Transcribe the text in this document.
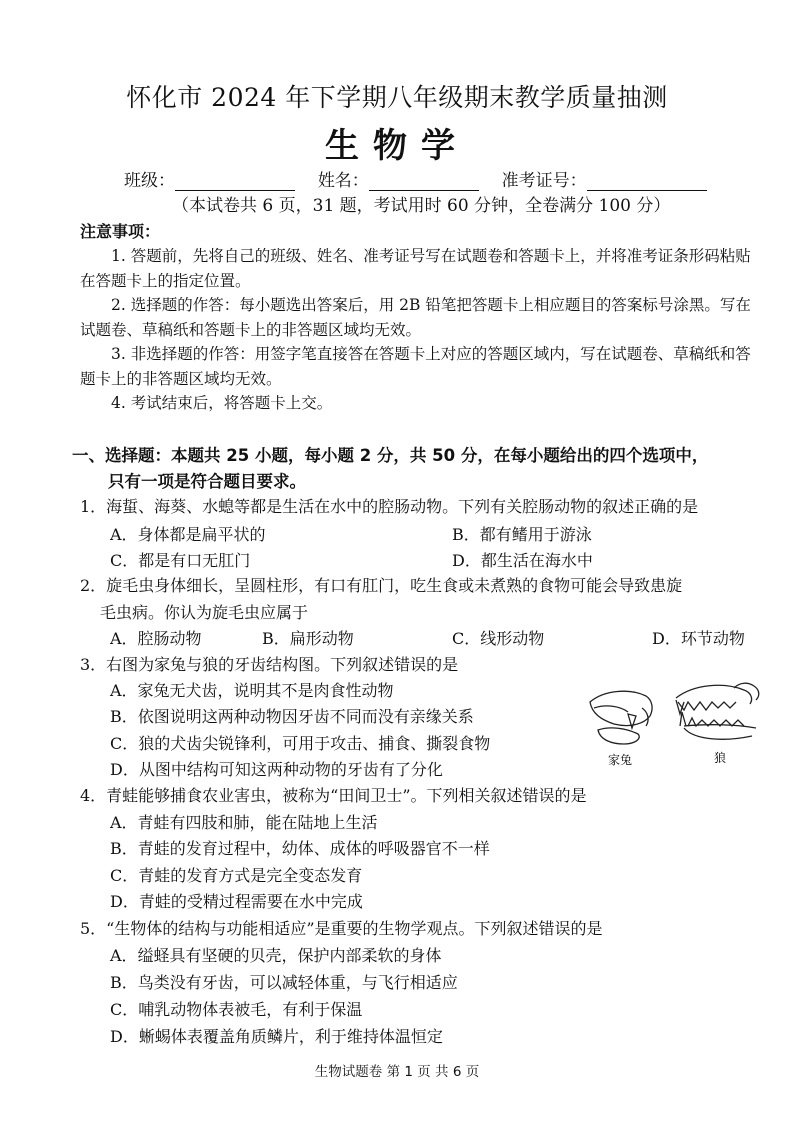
怀化市 2024 年下学期八年级期末教学质量抽测
生物学
班级：	姓名：	准考证号：
（本试卷共 6 页，31 题，考试用时 60 分钟，全卷满分 100 分）
注意事项：

1. 答题前，先将自己的班级、姓名、准考证号写在试题卷和答题卡上，并将准考证条形码粘贴在答题卡上的指定位置。

2. 选择题的作答：每小题选出答案后，用 2B 铅笔把答题卡上相应题目的答案标号涂黑。写在试题卷、草稿纸和答题卡上的非答题区域均无效。

3. 非选择题的作答：用签字笔直接答在答题卡上对应的答题区域内，写在试题卷、草稿纸和答题卡上的非答题区域均无效。

4. 考试结束后，将答题卡上交。

一、选择题：本题共 25 小题，每小题 2 分，共 50 分，在每小题给出的四个选项中，
只有一项是符合题目要求。

1．海蜇、海葵、水螅等都是生活在水中的腔肠动物。下列有关腔肠动物的叙述正确的是

A．身体都是扁平状的	B．都有鳍用于游泳
C．都是有口无肛门	D．都生活在海水中

2．旋毛虫身体细长，呈圆柱形，有口有肛门，吃生食或未煮熟的食物可能会导致患旋

毛虫病。你认为旋毛虫应属于

A．腔肠动物	B．扁形动物	C．线形动物	D．环节动物

3．右图为家兔与狼的牙齿结构图。下列叙述错误的是

A．家兔无犬齿，说明其不是肉食性动物
B．依图说明这两种动物因牙齿不同而没有亲缘关系
C．狼的犬齿尖锐锋利，可用于攻击、捕食、撕裂食物
D．从图中结构可知这两种动物的牙齿有了分化	家兔	狼

4．青蛙能够捕食农业害虫，被称为“田间卫士”。下列相关叙述错误的是

A．青蛙有四肢和肺，能在陆地上生活
B．青蛙的发育过程中，幼体、成体的呼吸器官不一样
C．青蛙的发育方式是完全变态发育
D．青蛙的受精过程需要在水中完成

5．“生物体的结构与功能相适应”是重要的生物学观点。下列叙述错误的是

A．缢蛏具有坚硬的贝壳，保护内部柔软的身体
B．鸟类没有牙齿，可以减轻体重，与飞行相适应
C．哺乳动物体表被毛，有利于保温
D．蜥蜴体表覆盖角质鳞片，利于维持体温恒定
生物试题卷 第 1 页 共 6 页
